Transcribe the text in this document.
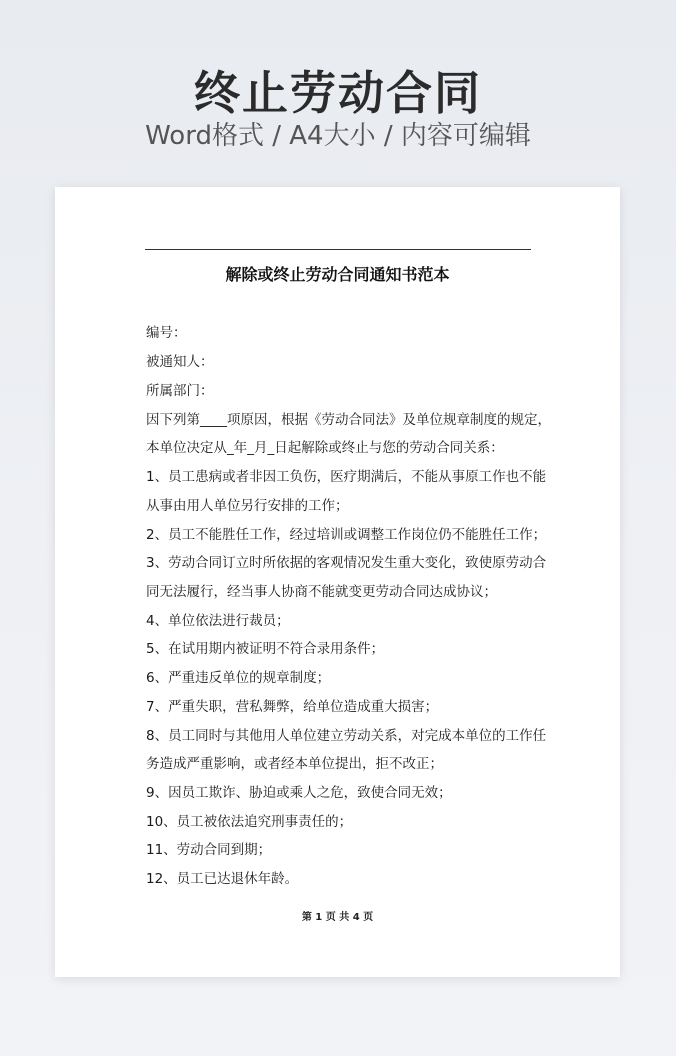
终止劳动合同
Word格式 / A4大小 / 内容可编辑
解除或终止劳动合同通知书范本
编号：
被通知人：
所属部门：
因下列第____项原因，根据《劳动合同法》及单位规章制度的规定，
本单位决定从_年_月_日起解除或终止与您的劳动合同关系：
1、员工患病或者非因工负伤，医疗期满后，不能从事原工作也不能
从事由用人单位另行安排的工作；
2、员工不能胜任工作，经过培训或调整工作岗位仍不能胜任工作；
3、劳动合同订立时所依据的客观情况发生重大变化，致使原劳动合
同无法履行，经当事人协商不能就变更劳动合同达成协议；
4、单位依法进行裁员；
5、在试用期内被证明不符合录用条件；
6、严重违反单位的规章制度；
7、严重失职，营私舞弊，给单位造成重大损害；
8、员工同时与其他用人单位建立劳动关系，对完成本单位的工作任
务造成严重影响，或者经本单位提出，拒不改正；
9、因员工欺诈、胁迫或乘人之危，致使合同无效；
10、员工被依法追究刑事责任的；
11、劳动合同到期；
12、员工已达退休年龄。
第 1 页 共 4 页
